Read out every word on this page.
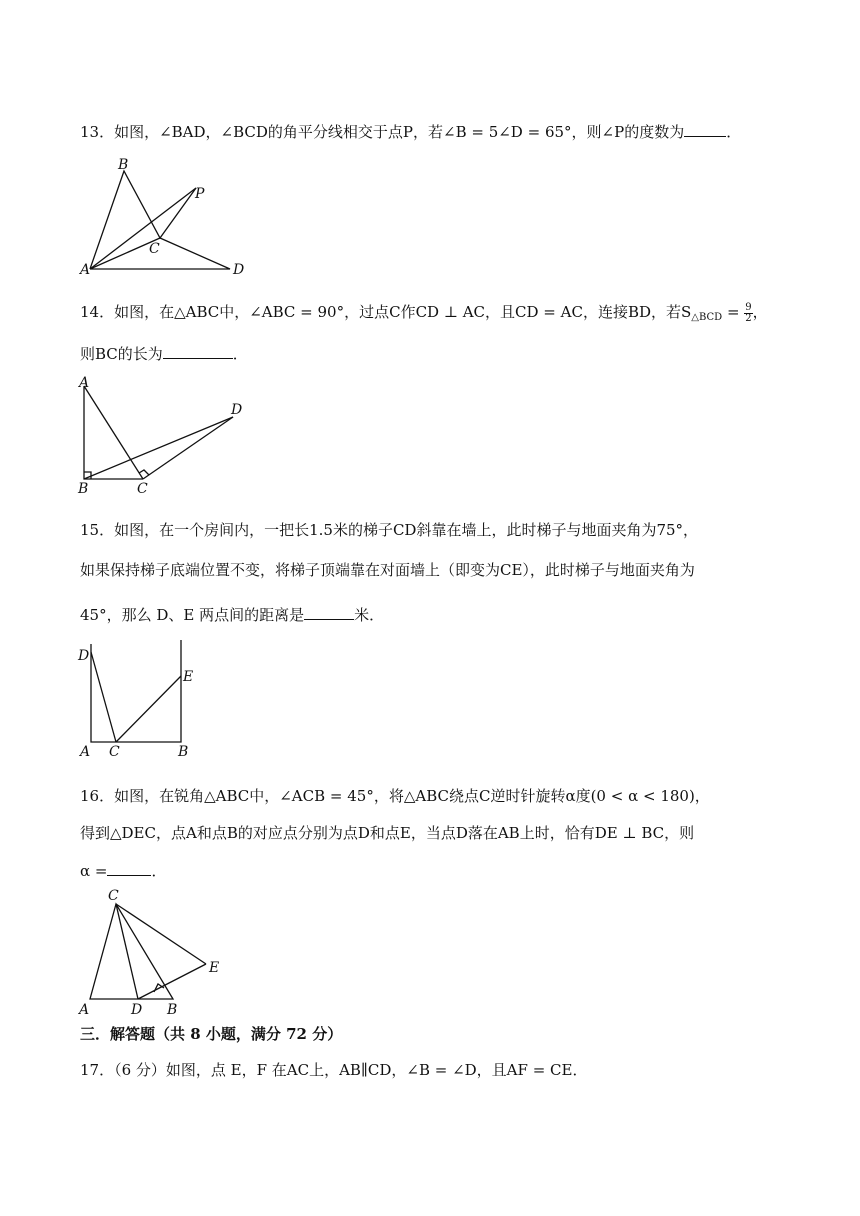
13．如图，∠BAD，∠BCD的角平分线相交于点P，若∠B = 5∠D = 65°，则∠P的度数为	．
B
P
C
A	D
14．如图，在△ABC中，∠ABC = 90°，过点C作CD ⊥ AC，且CD = AC，连接BD，若$S_{\triangle BCD} = \frac{9}{2}$ ，
则BC的长为	．
A
D
B	C
15．如图，在一个房间内，一把长1.5米的梯子CD斜靠在墙上，此时梯子与地面夹角为75°，
如果保持梯子底端位置不变，将梯子顶端靠在对面墙上（即变为CE），此时梯子与地面夹角为
45°，那么 D、E 两点间的距离是	米．
D
E
A C	B
16．如图，在锐角△ABC中，∠ACB = 45°，将△ABC绕点C逆时针旋转α度(0 < α < 180)，
得到△DEC，点A和点B的对应点分别为点D和点E，当点D落在AB上时，恰有DE ⊥ BC，则
α =	．
C
E
A	D B
三．解答题（共 8 小题，满分 72 分）
17．（6 分）如图，点 E，F 在AC上，AB∥CD，∠B = ∠D，且AF = CE．
